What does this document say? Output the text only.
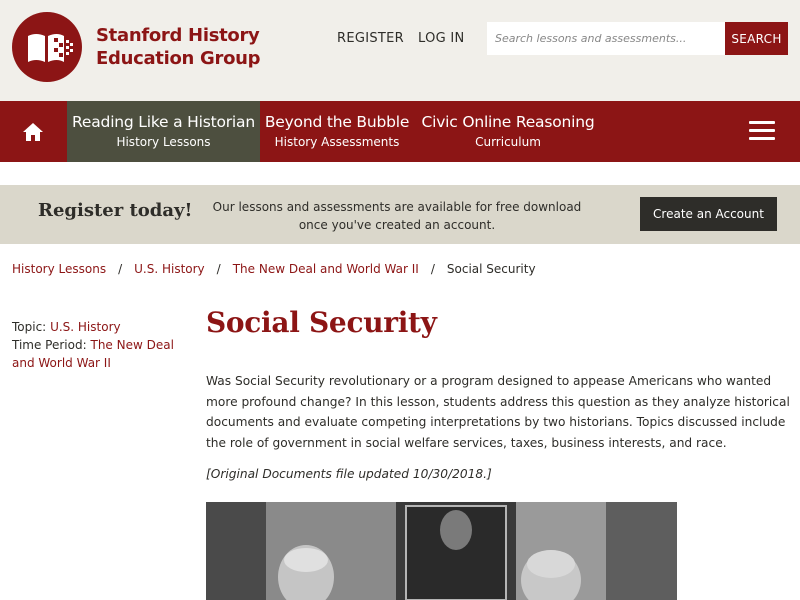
Stanford History
Education Group
REGISTER LOG IN
Search lessons and assessments...	SEARCH
Reading Like a Historian
History Lessons
Beyond the Bubble
History Assessments
Civic Online Reasoning
Curriculum
Register today! Our lessons and assessments are available for free download
once you've created an account.
Create an Account
History Lessons / U.S. History / The New Deal and World War II / Social Security
Topic: U.S. History
Time Period: The New Deal
and World War II
Social Security

Was Social Security revolutionary or a program designed to appease Americans who wanted more profound change? In this lesson, students address this question as they analyze historical documents and evaluate competing interpretations by two historians. Topics discussed include the role of government in social welfare services, taxes, business interests, and race.

[Original Documents file updated 10/30/2018.]
